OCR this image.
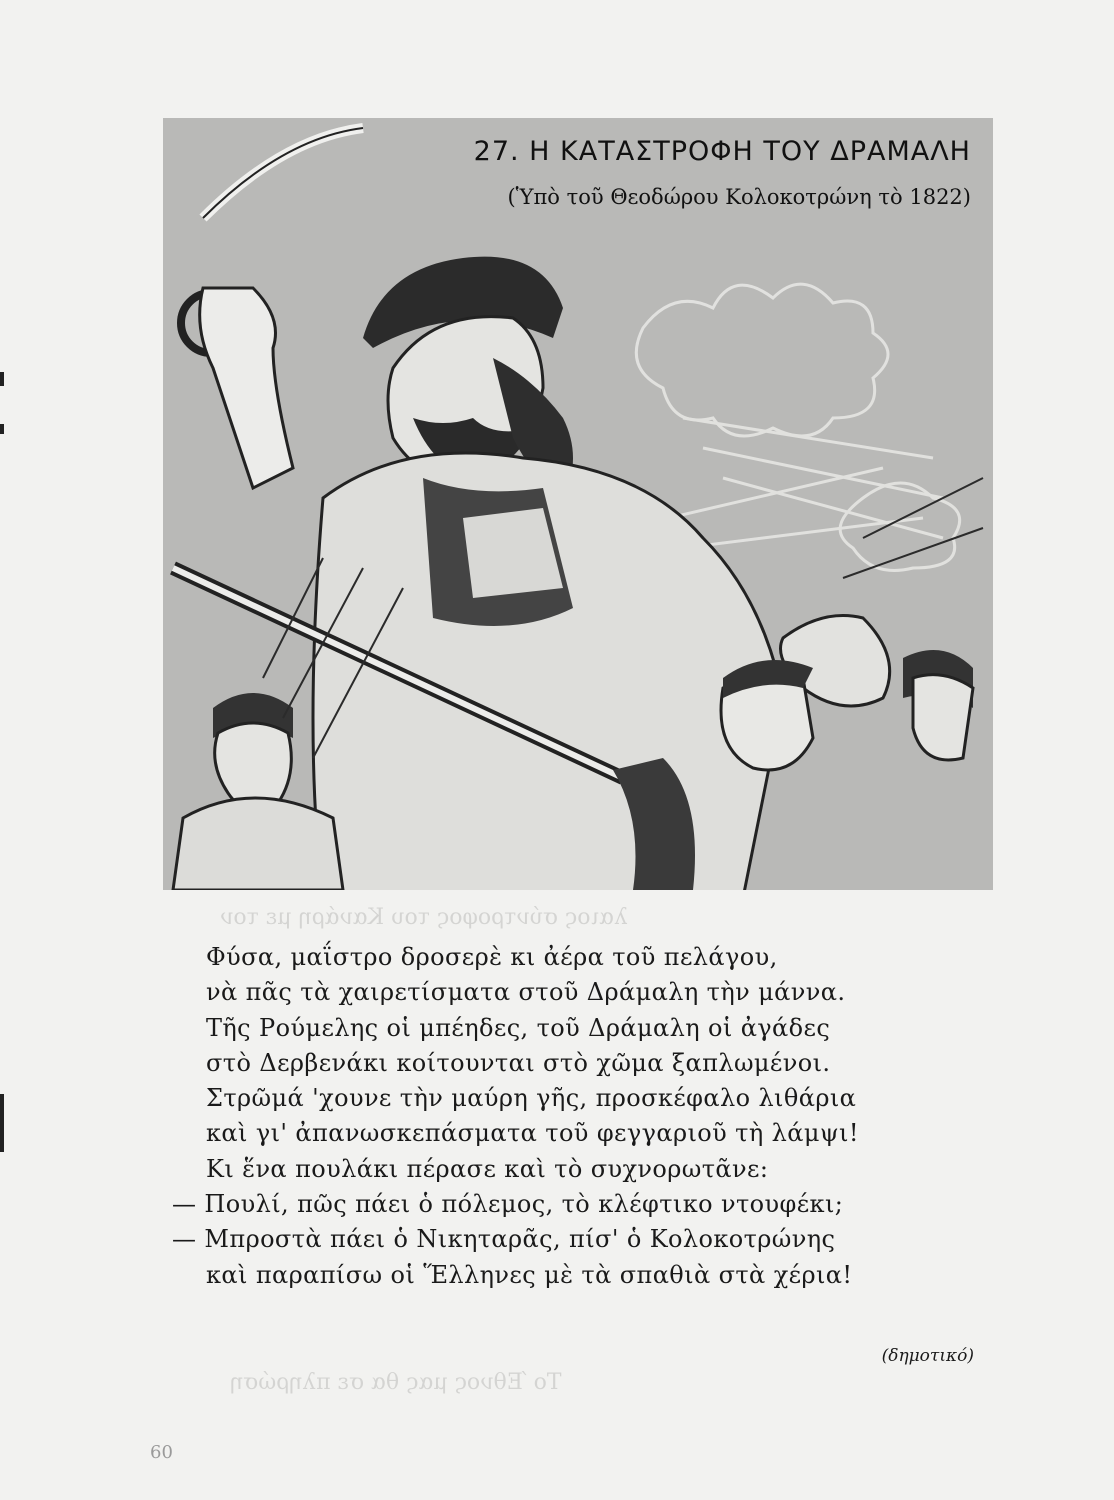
λαιος σύντροφος του Κανάρη με τον
Το Έθνος μας θα σε πληρώση
27. Η ΚΑΤΑΣΤΡΟΦΗ ΤΟΥ ΔΡΑΜΑΛΗ
(Ὑπὸ τοῦ Θεοδώρου Κολοκοτρώνη τὸ 1822)
Φύσα, μαΐστρο δροσερὲ κι ἀέρα τοῦ πελάγου,
νὰ πᾶς τὰ χαιρετίσματα στοῦ Δράμαλη τὴν μάννα.
Τῆς Ρούμελης οἱ μπέηδες, τοῦ Δράμαλη οἱ ἀγάδες
στὸ Δερβενάκι κοίτουνται στὸ χῶμα ξαπλωμένοι.
Στρῶμά 'χουνε τὴν μαύρη γῆς, προσκέφαλο λιθάρια
καὶ γι' ἀπανωσκεπάσματα τοῦ φεγγαριοῦ τὴ λάμψι!
Κι ἕνα πουλάκι πέρασε καὶ τὸ συχνορωτᾶνε:
— Πουλί, πῶς πάει ὁ πόλεμος, τὸ κλέφτικο ντουφέκι;
— Μπροστὰ πάει ὁ Νικηταρᾶς, πίσ' ὁ Κολοκοτρώνης
καὶ παραπίσω οἱ Ἕλληνες μὲ τὰ σπαθιὰ στὰ χέρια!
(δημοτικό)
60
